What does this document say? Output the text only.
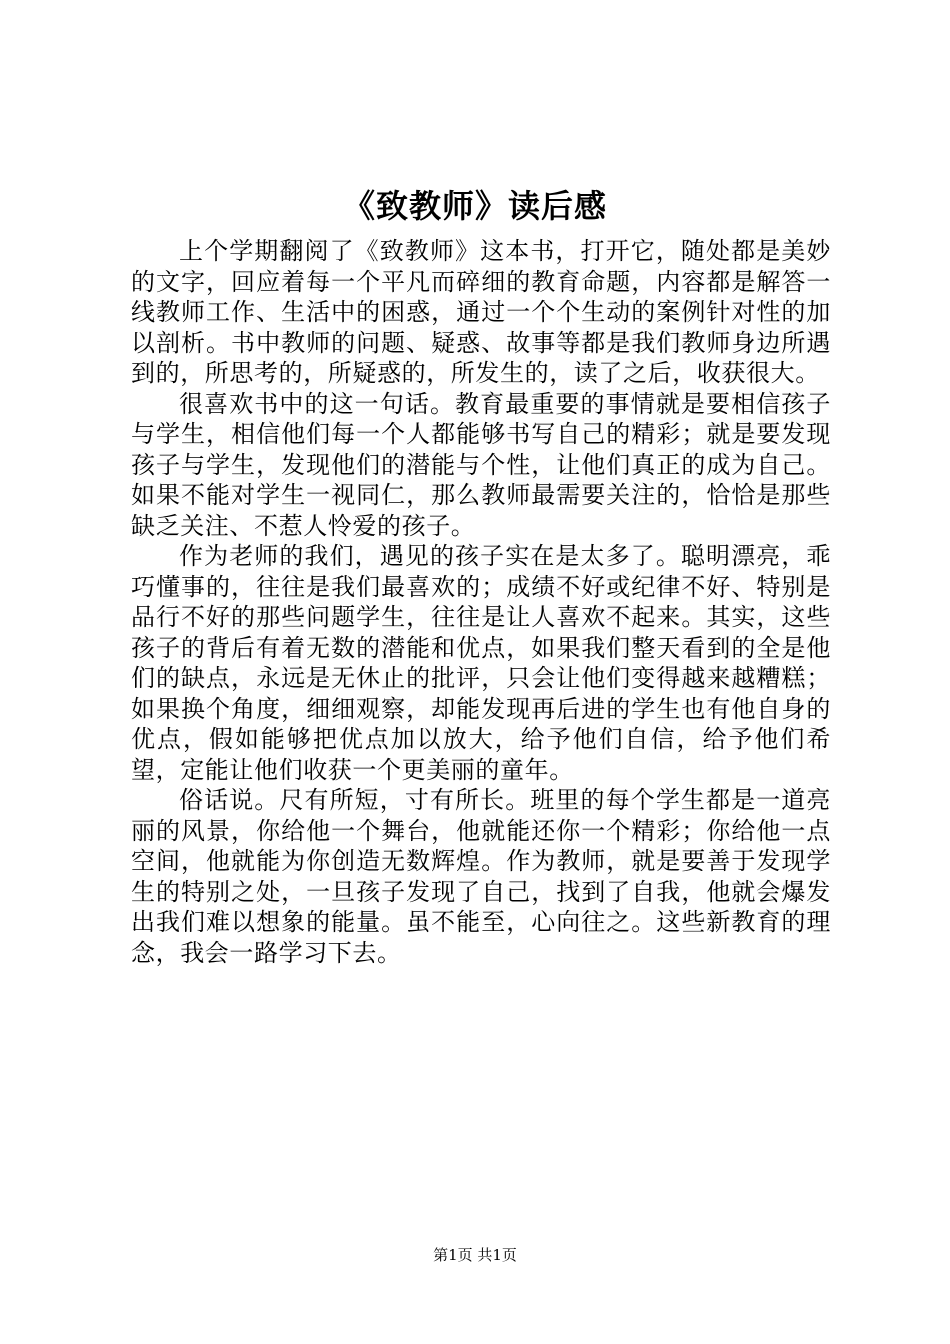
《致教师》读后感

上个学期翻阅了《致教师》这本书，打开它，随处都是美妙的文字，回应着每一个平凡而碎细的教育命题，内容都是解答一线教师工作、生活中的困惑，通过一个个生动的案例针对性的加以剖析。书中教师的问题、疑惑、故事等都是我们教师身边所遇到的，所思考的，所疑惑的，所发生的，读了之后，收获很大。

很喜欢书中的这一句话。教育最重要的事情就是要相信孩子与学生，相信他们每一个人都能够书写自己的精彩；就是要发现孩子与学生，发现他们的潜能与个性，让他们真正的成为自己。如果不能对学生一视同仁，那么教师最需要关注的，恰恰是那些缺乏关注、不惹人怜爱的孩子。

作为老师的我们，遇见的孩子实在是太多了。聪明漂亮，乖巧懂事的，往往是我们最喜欢的；成绩不好或纪律不好、特别是品行不好的那些问题学生，往往是让人喜欢不起来。其实，这些孩子的背后有着无数的潜能和优点，如果我们整天看到的全是他们的缺点，永远是无休止的批评，只会让他们变得越来越糟糕；如果换个角度，细细观察，却能发现再后进的学生也有他自身的优点，假如能够把优点加以放大，给予他们自信，给予他们希望，定能让他们收获一个更美丽的童年。

俗话说。尺有所短，寸有所长。班里的每个学生都是一道亮丽的风景，你给他一个舞台，他就能还你一个精彩；你给他一点空间，他就能为你创造无数辉煌。作为教师，就是要善于发现学生的特别之处，一旦孩子发现了自己，找到了自我，他就会爆发出我们难以想象的能量。虽不能至，心向往之。这些新教育的理念，我会一路学习下去。

第1页 共1页
